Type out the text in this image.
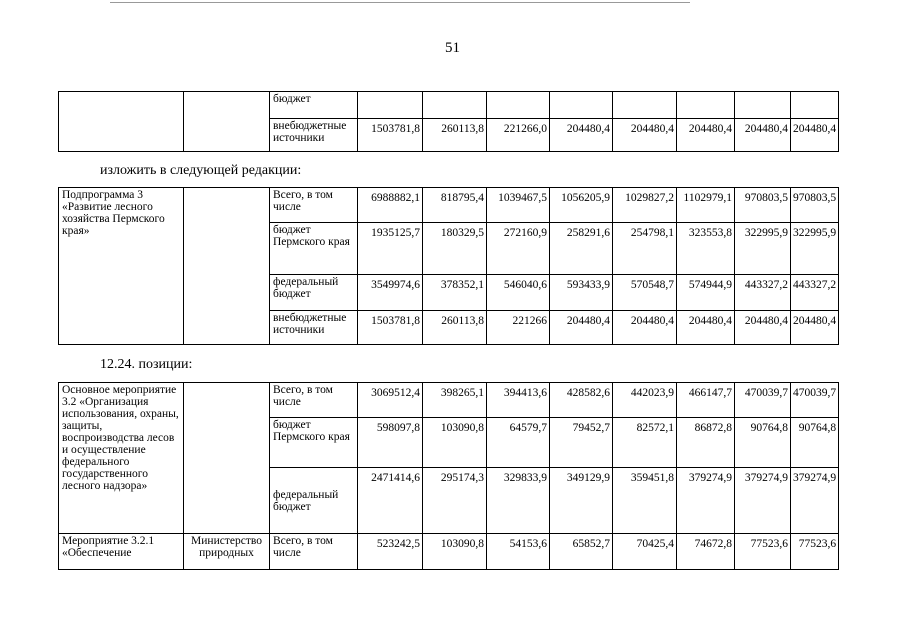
51
		бюджет								
		внебюджетные источники	1503781,8	260113,8	221266,0	204480,4	204480,4	204480,4	204480,4	204480,4
изложить в следующей редакции:
Подпрограмма 3 «Развитие лесного хозяйства Пермского края»		Всего, в том числе	6988882,1	818795,4	1039467,5	1056205,9	1029827,2	1102979,1	970803,5	970803,5
		бюджет Пермского края	1935125,7	180329,5	272160,9	258291,6	254798,1	323553,8	322995,9	322995,9
		федеральный бюджет	3549974,6	378352,1	546040,6	593433,9	570548,7	574944,9	443327,2	443327,2
		внебюджетные источники	1503781,8	260113,8	221266	204480,4	204480,4	204480,4	204480,4	204480,4
12.24. позиции:
Основное мероприятие 3.2 «Организация использования, охраны, защиты, воспроизводства лесов и осуществление федерального государственного лесного надзора»		Всего, в том числе	3069512,4	398265,1	394413,6	428582,6	442023,9	466147,7	470039,7	470039,7
		бюджет Пермского края	598097,8	103090,8	64579,7	79452,7	82572,1	86872,8	90764,8	90764,8
		федеральный бюджет	2471414,6	295174,3	329833,9	349129,9	359451,8	379274,9	379274,9	379274,9
Мероприятие 3.2.1 «Обеспечение	Министерство природных	Всего, в том числе	523242,5	103090,8	54153,6	65852,7	70425,4	74672,8	77523,6	77523,6
